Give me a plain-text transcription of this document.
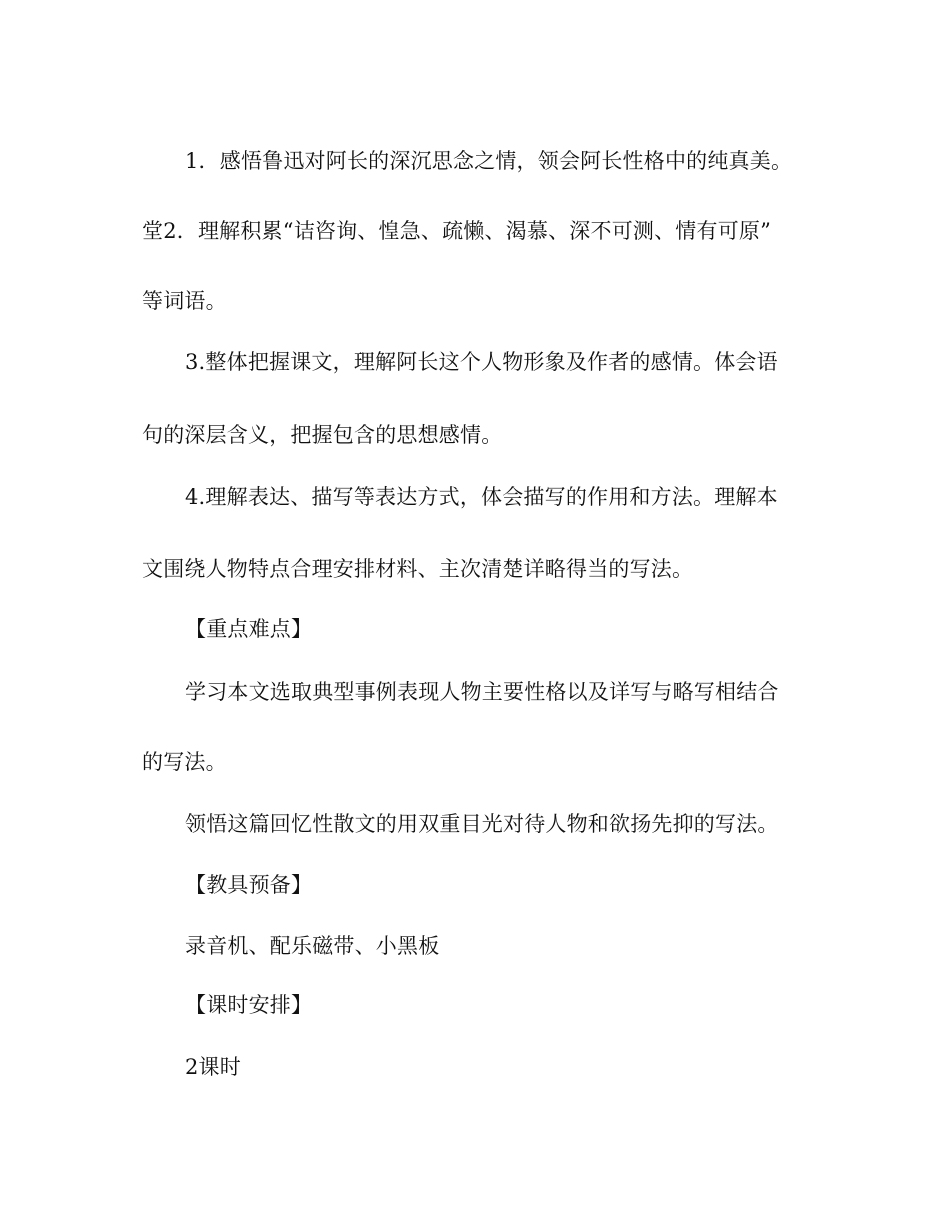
1．感悟鲁迅对阿长的深沉思念之情，领会阿长性格中的纯真美。
堂2．理解积累“诘咨询、惶急、疏懒、渴慕、深不可测、情有可原”
等词语。
3.整体把握课文，理解阿长这个人物形象及作者的感情。体会语
句的深层含义，把握包含的思想感情。
4.理解表达、描写等表达方式，体会描写的作用和方法。理解本
文围绕人物特点合理安排材料、主次清楚详略得当的写法。
【重点难点】
学习本文选取典型事例表现人物主要性格以及详写与略写相结合
的写法。
领悟这篇回忆性散文的用双重目光对待人物和欲扬先抑的写法。
【教具预备】
录音机、配乐磁带、小黑板
【课时安排】
2课时
